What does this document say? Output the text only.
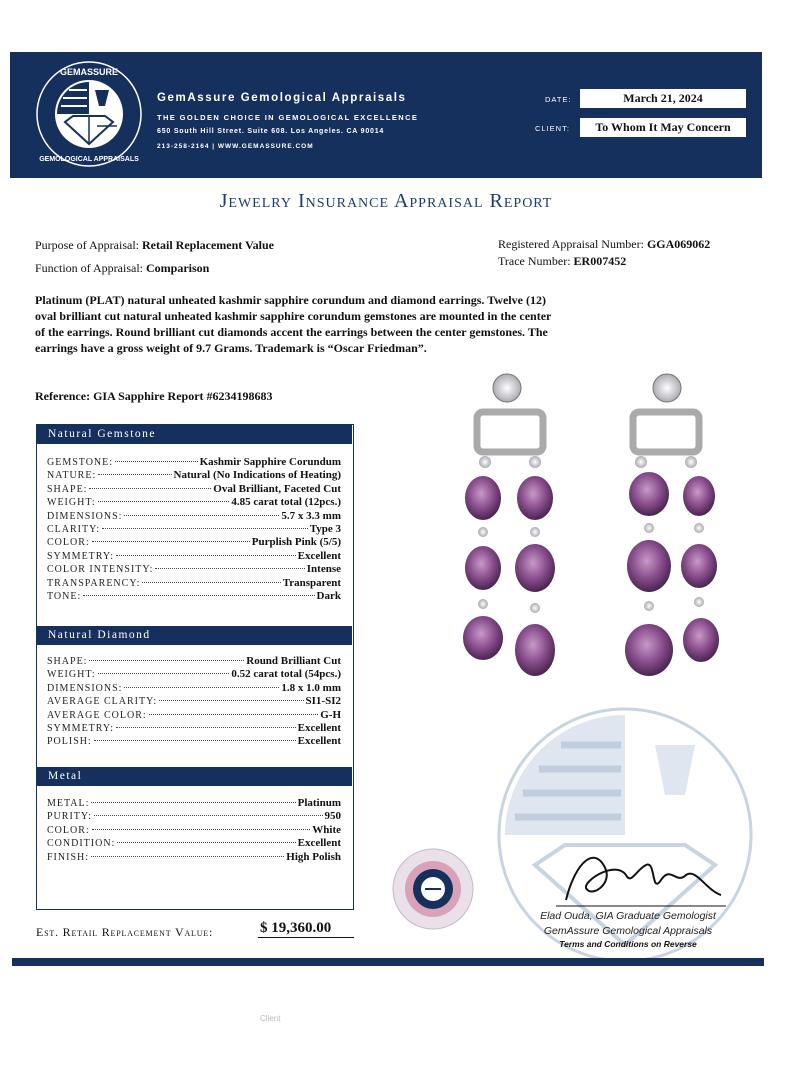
GEMASSURE
GEMOLOGICAL APPRAISALS
GemAssure Gemological Appraisals
THE GOLDEN CHOICE IN GEMOLOGICAL EXCELLENCE
650 South Hill Street. Suite 608. Los Angeles. CA 90014
213-258-2164 | WWW.GEMASSURE.COM
DATE:	March 21, 2024
CLIENT:	To Whom It May Concern
Jewelry Insurance Appraisal Report
Purpose of Appraisal: Retail Replacement Value
Function of Appraisal: Comparison
Registered Appraisal Number: GGA069062
Trace Number: ER007452
Platinum (PLAT) natural unheated kashmir sapphire corundum and diamond earrings. Twelve (12) oval brilliant cut natural unheated kashmir sapphire corundum gemstones are mounted in the center of the earrings. Round brilliant cut diamonds accent the earrings between the center gemstones. The earrings have a gross weight of 9.7 Grams. Trademark is “Oscar Friedman”.
Reference: GIA Sapphire Report #6234198683
Natural Gemstone
GEMSTONE:	Kashmir Sapphire Corundum
NATURE:	Natural (No Indications of Heating)
SHAPE:	Oval Brilliant, Faceted Cut
WEIGHT:	4.85 carat total (12pcs.)
DIMENSIONS:	5.7 x 3.3 mm
CLARITY:	Type 3
COLOR:	Purplish Pink (5/5)
SYMMETRY:	Excellent
COLOR INTENSITY:	Intense
TRANSPARENCY:	Transparent
TONE:	Dark
Natural Diamond
SHAPE:	Round Brilliant Cut
WEIGHT:	0.52 carat total (54pcs.)
DIMENSIONS:	1.8 x 1.0 mm
AVERAGE CLARITY:	SI1-SI2
AVERAGE COLOR:	G-H
SYMMETRY:	Excellent
POLISH:	Excellent
Metal
METAL:	Platinum
PURITY:	950
COLOR:	White
CONDITION:	Excellent
FINISH:	High Polish
Est. Retail Replacement Value:	$ 19,360.00
Elad Ouda, GIA Graduate Gemologist
GemAssure Gemological Appraisals
Terms and Conditions on Reverse
Client
